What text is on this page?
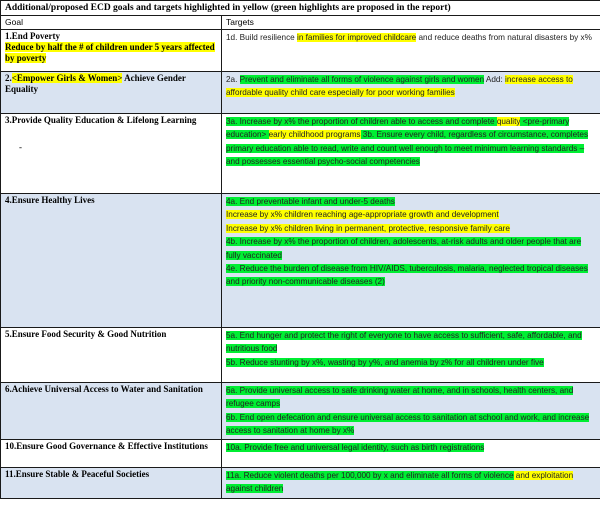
Additional/proposed ECD goals and targets highlighted in yellow (green highlights are proposed in the report)	
Goal	Targets
1.End Poverty
Reduce by half the # of children under 5 years affected by poverty	1d. Build resilience in families for improved childcare and reduce deaths from natural disasters by x%
2.<Empower Girls & Women> Achieve Gender Equality	2a. Prevent and eliminate all forms of violence against girls and women Add: increase access to affordable quality child care especially for poor working families
3.Provide Quality Education & Lifelong Learning
-	3a. Increase by x% the proportion of children able to access and complete quality <pre-primary education> early childhood programs 3b. Ensure every child, regardless of circumstance, completes primary education able to read, write and count well enough to meet minimum learning standards – and possesses essential psycho-social competencies
4.Ensure Healthy Lives	4a. End preventable infant and under-5 deaths
Increase by x% children reaching age-appropriate growth and development
Increase by x% children living in permanent, protective, responsive family care
4b. Increase by x% the proportion of children, adolescents, at-risk adults and older people that are fully vaccinated
4e. Reduce the burden of disease from HIV/AIDS, tuberculosis, malaria, neglected tropical diseases and priority non-communicable diseases (2)

5.Ensure Food Security & Good Nutrition	5a. End hunger and protect the right of everyone to have access to sufficient, safe, affordable, and nutritious food
5b. Reduce stunting by x%, wasting by y%, and anemia by z% for all children under five

6.Achieve Universal Access to Water and Sanitation	6a. Provide universal access to safe drinking water at home, and in schools, health centers, and refugee camps
6b. End open defecation and ensure universal access to sanitation at school and work, and increase access to sanitation at home by x%

10.Ensure Good Governance & Effective Institutions	10a. Provide free and universal legal identity, such as birth registrations
11.Ensure Stable & Peaceful Societies	11a. Reduce violent deaths per 100,000 by x and eliminate all forms of violence and exploitation against children
